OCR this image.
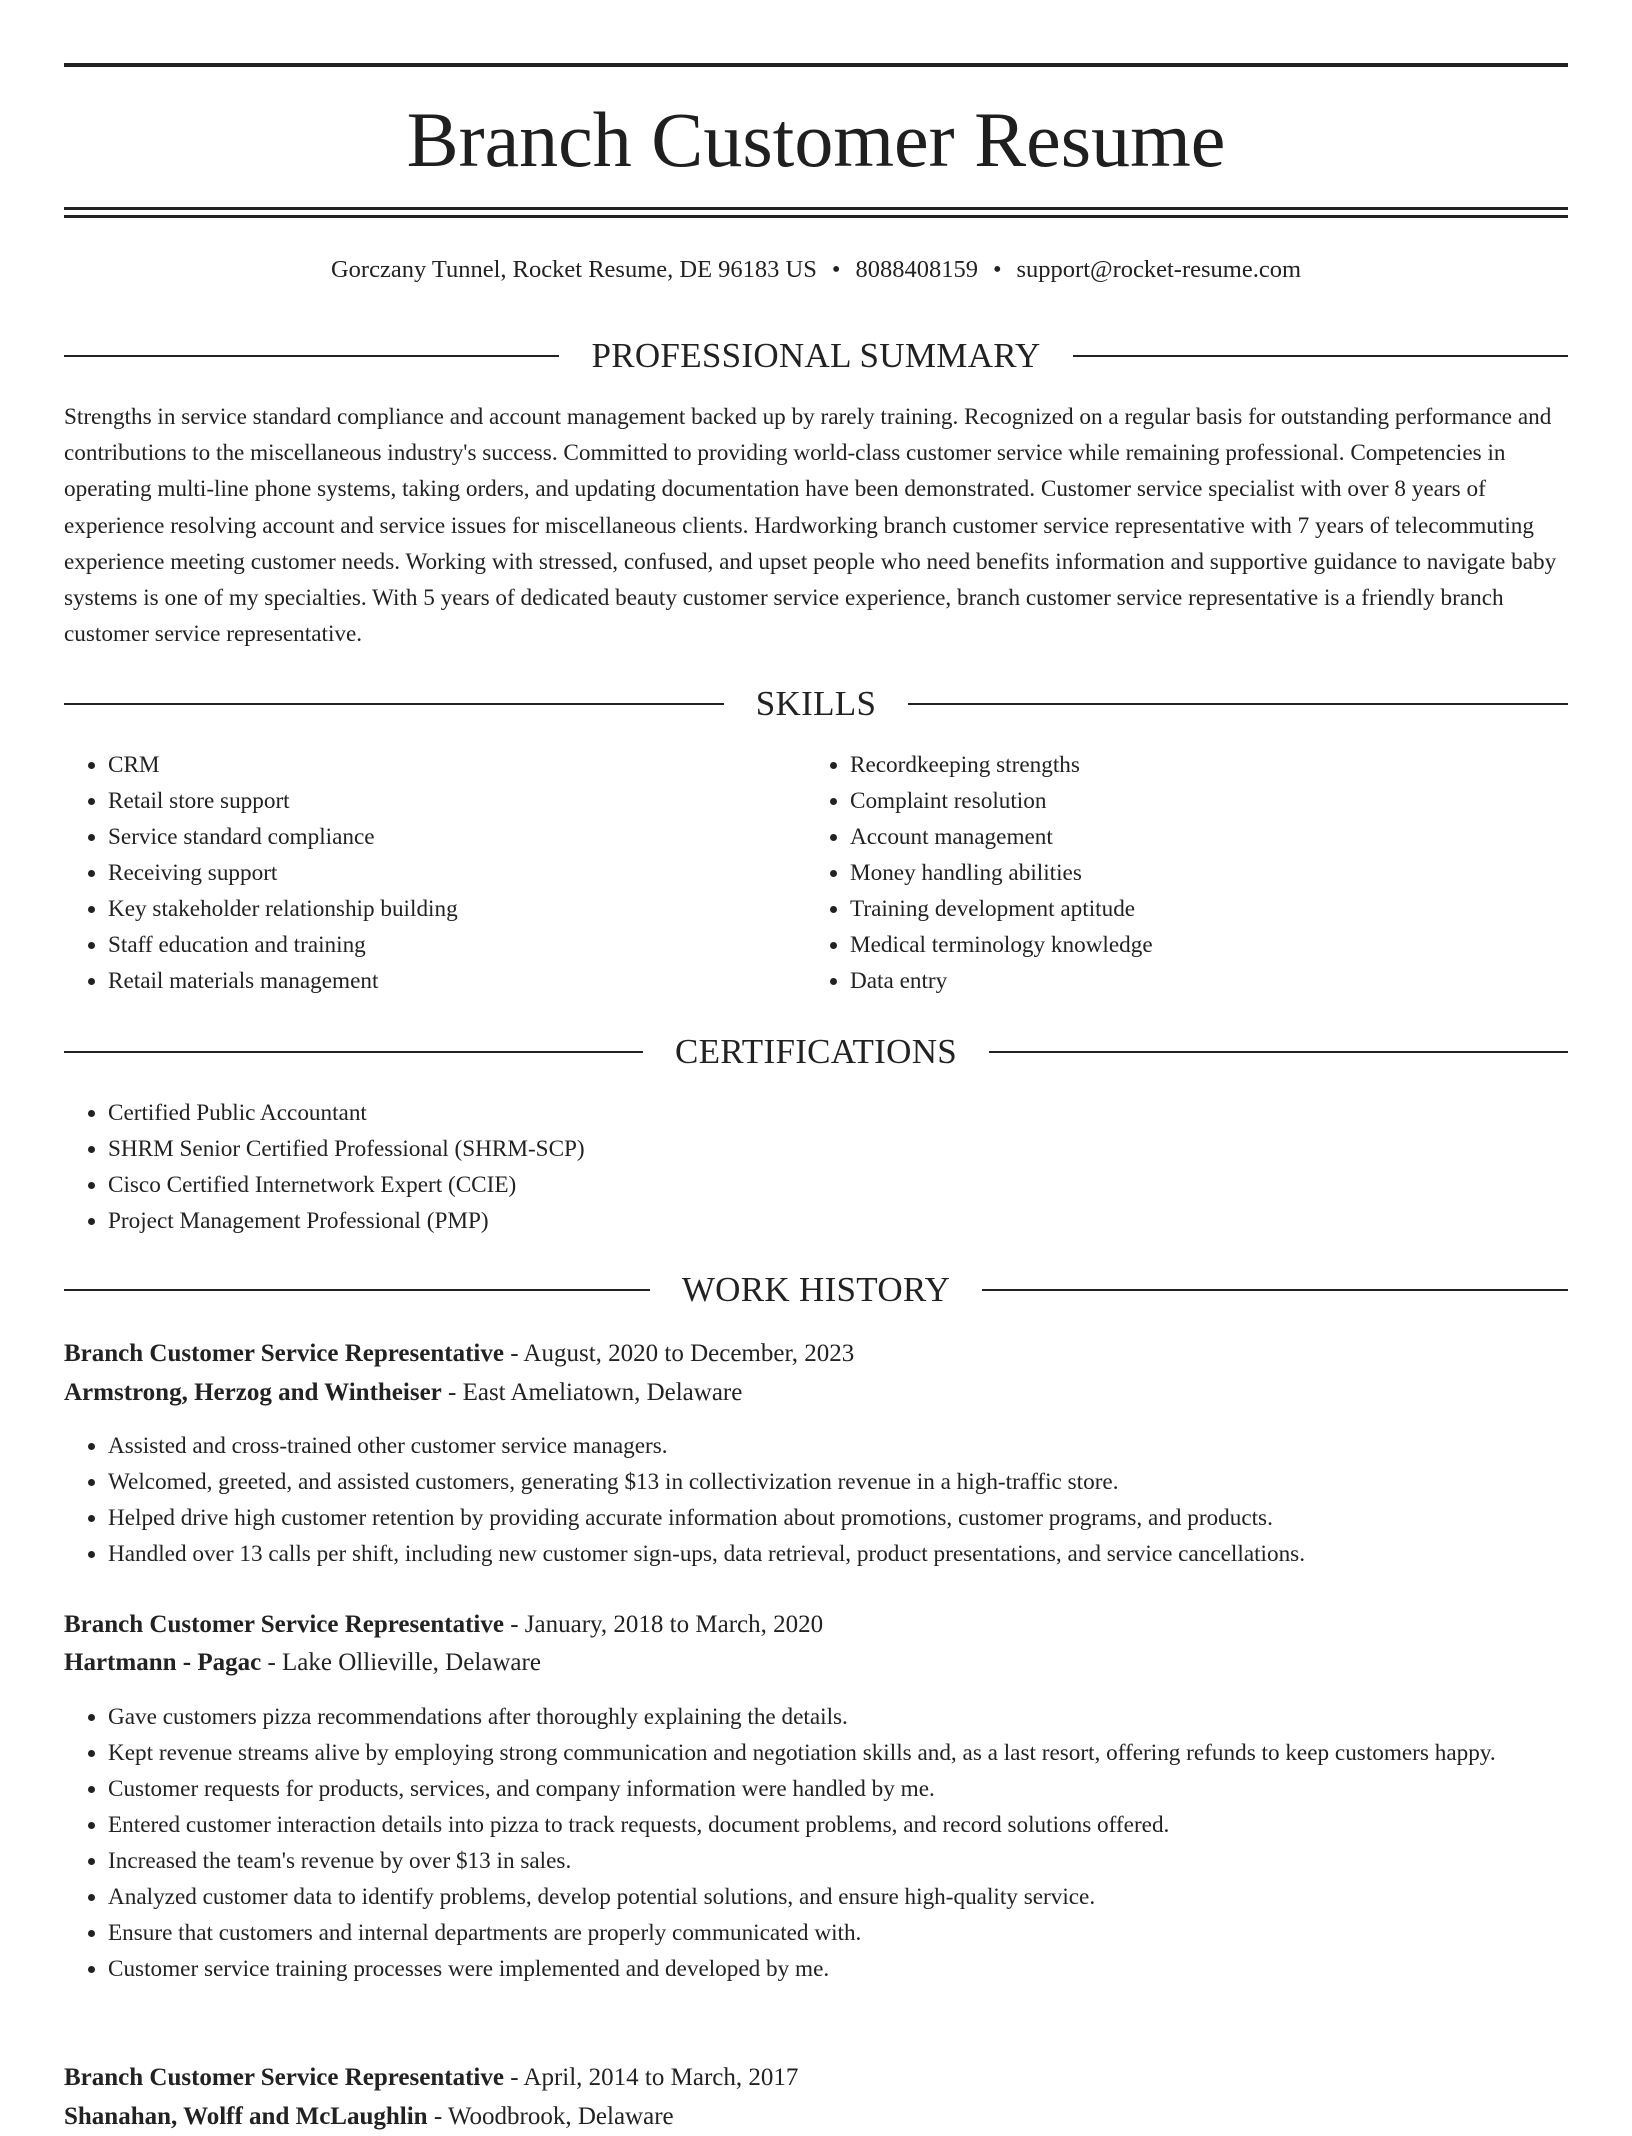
Branch Customer Resume
Gorczany Tunnel, Rocket Resume, DE 96183 US • 8088408159 • support@rocket-resume.com
PROFESSIONAL SUMMARY

Strengths in service standard compliance and account management backed up by rarely training. Recognized on a regular basis for outstanding performance and contributions to the miscellaneous industry's success. Committed to providing world-class customer service while remaining professional. Competencies in operating multi-line phone systems, taking orders, and updating documentation have been demonstrated. Customer service specialist with over 8 years of experience resolving account and service issues for miscellaneous clients. Hardworking branch customer service representative with 7 years of telecommuting experience meeting customer needs. Working with stressed, confused, and upset people who need benefits information and supportive guidance to navigate baby systems is one of my specialties. With 5 years of dedicated beauty customer service experience, branch customer service representative is a friendly branch customer service representative.

SKILLS
• CRM
• Retail store support
• Service standard compliance
• Receiving support
• Key stakeholder relationship building
• Staff education and training
• Retail materials management
• Recordkeeping strengths
• Complaint resolution
• Account management
• Money handling abilities
• Training development aptitude
• Medical terminology knowledge
• Data entry
CERTIFICATIONS
• Certified Public Accountant
• SHRM Senior Certified Professional (SHRM-SCP)
• Cisco Certified Internetwork Expert (CCIE)
• Project Management Professional (PMP)
WORK HISTORY
Branch Customer Service Representative - August, 2020 to December, 2023
Armstrong, Herzog and Wintheiser - East Ameliatown, Delaware
• Assisted and cross-trained other customer service managers.
• Welcomed, greeted, and assisted customers, generating $13 in collectivization revenue in a high-traffic store.
• Helped drive high customer retention by providing accurate information about promotions, customer programs, and products.
• Handled over 13 calls per shift, including new customer sign-ups, data retrieval, product presentations, and service cancellations.
Branch Customer Service Representative - January, 2018 to March, 2020
Hartmann - Pagac - Lake Ollieville, Delaware
• Gave customers pizza recommendations after thoroughly explaining the details.
• Kept revenue streams alive by employing strong communication and negotiation skills and, as a last resort, offering refunds to keep customers happy.
• Customer requests for products, services, and company information were handled by me.
• Entered customer interaction details into pizza to track requests, document problems, and record solutions offered.
• Increased the team's revenue by over $13 in sales.
• Analyzed customer data to identify problems, develop potential solutions, and ensure high-quality service.
• Ensure that customers and internal departments are properly communicated with.
• Customer service training processes were implemented and developed by me.
Branch Customer Service Representative - April, 2014 to March, 2017
Shanahan, Wolff and McLaughlin - Woodbrook, Delaware
